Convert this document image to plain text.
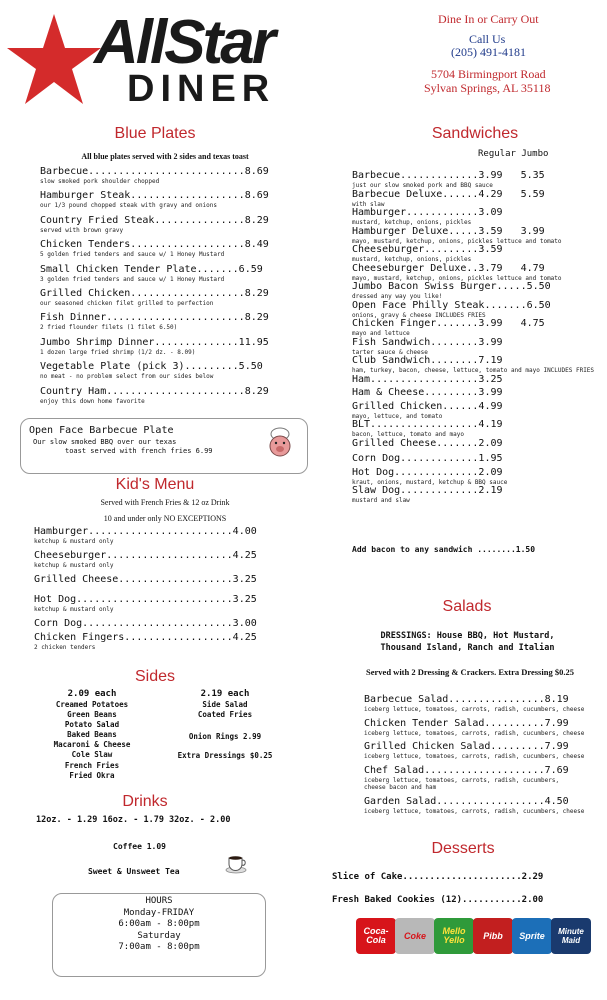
AllStar
DINER
Dine In or Carry Out
Call Us
(205) 491-4181
5704 Birmingport Road
Sylvan Springs, AL 35118
Blue Plates
All blue plates served with 2 sides and texas toast
Barbecue..........................8.69
slow smoked pork shoulder chopped
Hamburger Steak...................8.69
our 1/3 pound chopped steak with gravy and onions
Country Fried Steak...............8.29
served with brown gravy
Chicken Tenders...................8.49
5 golden fried tenders and sauce w/ 1 Honey Mustard
Small Chicken Tender Plate.......6.59
3 golden fried tenders and sauce w/ 1 Honey Mustard
Grilled Chicken...................8.29
our seasoned chicken filet grilled to perfection
Fish Dinner.......................8.29
2 fried flounder filets (1 filet 6.50)
Jumbo Shrimp Dinner..............11.95
1 dozen large fried shrimp (1/2 dz. - 8.09)
Vegetable Plate (pick 3).........5.50
no meat - no problem select from our sides below
Country Ham.......................8.29
enjoy this down home favorite
Open Face Barbecue Plate
Our slow smoked BBQ over our texas
toast served with french fries 6.99
Kid's Menu
Served with French Fries & 12 oz Drink
10 and under only NO EXCEPTIONS
Hamburger........................4.00
ketchup & mustard only
Cheeseburger.....................4.25
ketchup & mustard only
Grilled Cheese...................3.25
Hot Dog..........................3.25
ketchup & mustard only
Corn Dog.........................3.00
Chicken Fingers..................4.25
2 chicken tenders
Sides
2.09 each
Creamed Potatoes
Green Beans
Potato Salad
Baked Beans
Macaroni & Cheese
Cole Slaw
French Fries
Fried Okra
2.19 each
Side Salad
Coated Fries
Onion Rings 2.99
Extra Dressings $0.25
Drinks
12oz. - 1.29 16oz. - 1.79 32oz. - 2.00
Coffee 1.09
Sweet & Unsweet Tea
HOURS
Monday-FRIDAY
6:00am - 8:00pm
Saturday
7:00am - 8:00pm
Sandwiches
Regular Jumbo
Barbecue.............3.99   5.35
just our slow smoked pork and BBQ sauce
Barbecue Deluxe......4.29   5.59
with slaw
Hamburger............3.09
mustard, ketchup, onions, pickles
Hamburger Deluxe.....3.59   3.99
mayo, mustard, ketchup, onions, pickles lettuce and tomato
Cheeseburger.........3.59
mustard, ketchup, onions, pickles
Cheeseburger Deluxe..3.79   4.79
mayo, mustard, ketchup, onions, pickles lettuce and tomato
Jumbo Bacon Swiss Burger.....5.50
dressed any way you like!
Open Face Philly Steak.......6.50
onions, gravy & cheese INCLUDES FRIES
Chicken Finger.......3.99   4.75
mayo and lettuce
Fish Sandwich........3.99
tarter sauce & cheese
Club Sandwich........7.19
ham, turkey, bacon, cheese, lettuce, tomato and mayo INCLUDES FRIES
Ham..................3.25
Ham & Cheese.........3.99
Grilled Chicken......4.99
mayo, lettuce, and tomato
BLT..................4.19
bacon, lettuce, tomato and mayo
Grilled Cheese.......2.09
Corn Dog.............1.95
Hot Dog..............2.09
kraut, onions, mustard, ketchup & BBQ sauce
Slaw Dog.............2.19
mustard and slaw
Add bacon to any sandwich ........1.50
Salads
DRESSINGS: House BBQ, Hot Mustard,
Thousand Island, Ranch and Italian
Served with 2 Dressing & Crackers. Extra Dressing $0.25
Barbecue Salad................8.19
iceberg lettuce, tomatoes, carrots, radish, cucumbers, cheese
Chicken Tender Salad..........7.99
iceberg lettuce, tomatoes, carrots, radish, cucumbers, cheese
Grilled Chicken Salad.........7.99
iceberg lettuce, tomatoes, carrots, radish, cucumbers, cheese
Chef Salad....................7.69
iceberg lettuce, tomatoes, carrots, radish, cucumbers,
cheese bacon and ham
Garden Salad..................4.50
iceberg lettuce, tomatoes, carrots, radish, cucumbers, cheese
Desserts
Slice of Cake......................2.29
Fresh Baked Cookies (12)...........2.00
Coca-Cola	Coke	Mello Yello	Pibb Sprite	Minute Maid
